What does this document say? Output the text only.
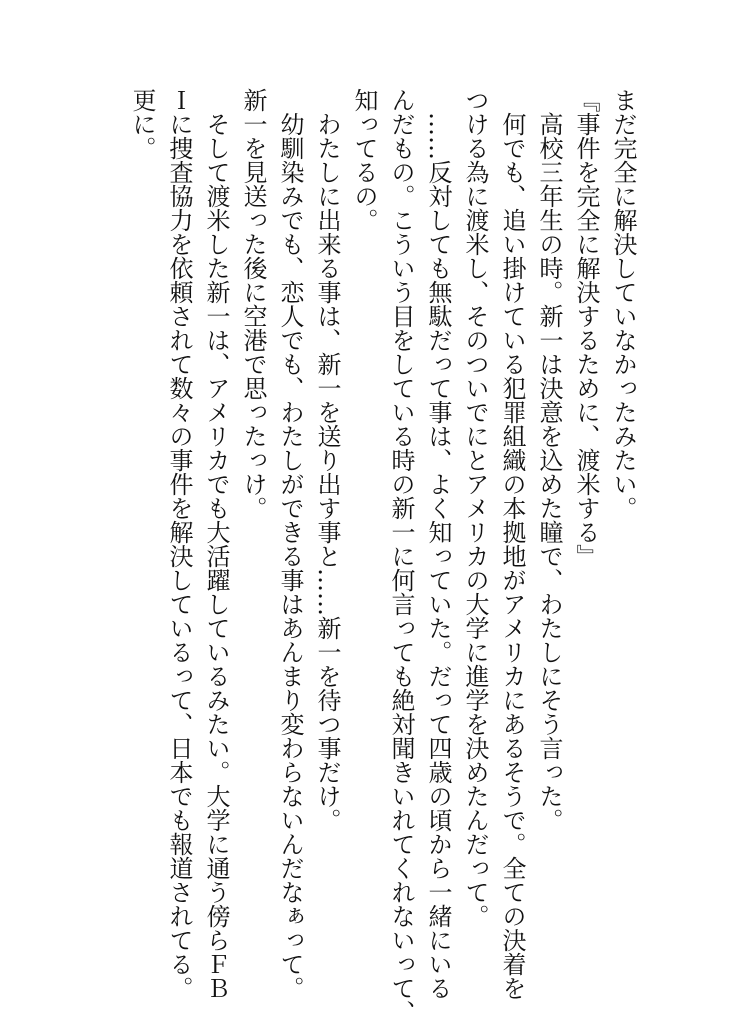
まだ完全に解決していなかったみたい。

『事件を完全に解決するために、渡米する』

　高校三年生の時。新一は決意を込めた瞳で、わたしにそう言った。

　何でも、追い掛けている犯罪組織の本拠地がアメリカにあるそうで。全ての決着を

つける為に渡米し、そのついでにとアメリカの大学に進学を決めたんだって。

　……反対しても無駄だって事は、よく知っていた。だって四歳の頃から一緒にいる

んだもの。こういう目をしている時の新一に何言っても絶対聞きいれてくれないって、

知ってるの。

　わたしに出来る事は、新一を送り出す事と……新一を待つ事だけ。

　幼馴染みでも、恋人でも、わたしができる事はあんまり変わらないんだなぁって。

新一を見送った後に空港で思ったっけ。

　そして渡米した新一は、アメリカでも大活躍しているみたい。大学に通う傍らＦＢ

Ｉに捜査協力を依頼されて数々の事件を解決しているって、日本でも報道されてる。

更に。
